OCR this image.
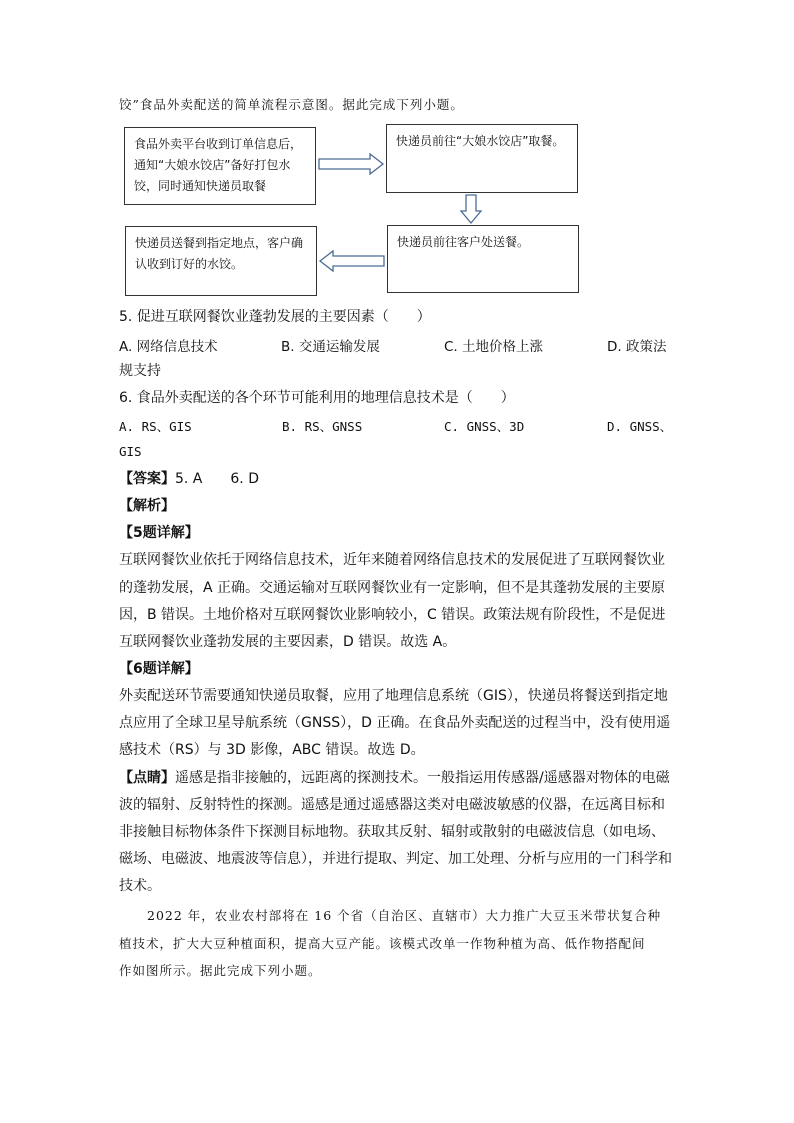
饺”食品外卖配送的简单流程示意图。据此完成下列小题。
食品外卖平台收到订单信息后，通知“大娘水饺店”备好打包水饺，同时通知快递员取餐
快递员前往“大娘水饺店”取餐。
快递员前往客户处送餐。
快递员送餐到指定地点，客户确认收到订好的水饺。
5. 促进互联网餐饮业蓬勃发展的主要因素（　　）
A. 网络信息技术	B. 交通运输发展	C. 土地价格上涨	D. 政策法
规支持
6. 食品外卖配送的各个环节可能利用的地理信息技术是（　　）
A. RS、GIS	B. RS、GNSS	C. GNSS、3D	D. GNSS、
GIS
【答案】5. A　　6. D
【解析】
【5题详解】
互联网餐饮业依托于网络信息技术，近年来随着网络信息技术的发展促进了互联网餐饮业
的蓬勃发展，A 正确。交通运输对互联网餐饮业有一定影响，但不是其蓬勃发展的主要原
因，B 错误。土地价格对互联网餐饮业影响较小，C 错误。政策法规有阶段性，不是促进
互联网餐饮业蓬勃发展的主要因素，D 错误。故选 A。
【6题详解】
外卖配送环节需要通知快递员取餐，应用了地理信息系统（GIS），快递员将餐送到指定地
点应用了全球卫星导航系统（GNSS），D 正确。在食品外卖配送的过程当中，没有使用遥
感技术（RS）与 3D 影像，ABC 错误。故选 D。
【点睛】遥感是指非接触的，远距离的探测技术。一般指运用传感器/遥感器对物体的电磁
波的辐射、反射特性的探测。遥感是通过遥感器这类对电磁波敏感的仪器，在远离目标和
非接触目标物体条件下探测目标地物。获取其反射、辐射或散射的电磁波信息（如电场、
磁场、电磁波、地震波等信息），并进行提取、判定、加工处理、分析与应用的一门科学和
技术。
2022 年，农业农村部将在 16 个省（自治区、直辖市）大力推广大豆玉米带状复合种
植技术，扩大大豆种植面积，提高大豆产能。该模式改单一作物种植为高、低作物搭配间
作如图所示。据此完成下列小题。
